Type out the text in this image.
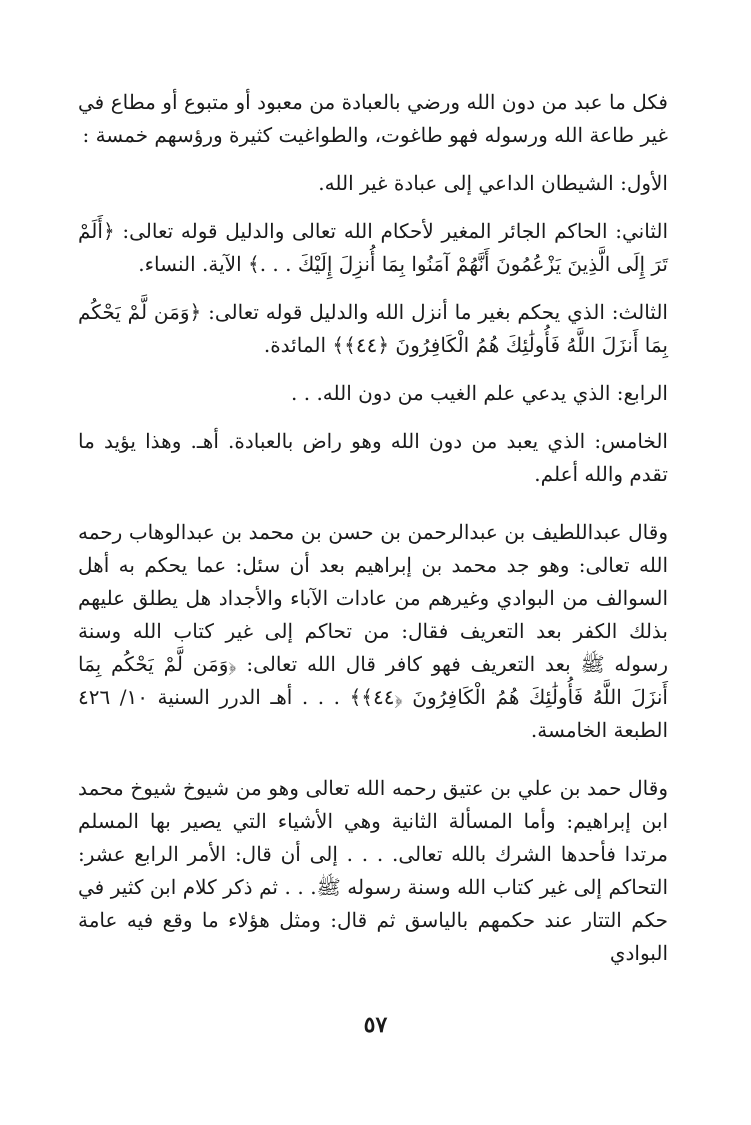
فكل ما عبد من دون الله ورضي بالعبادة من معبود أو متبوع أو مطاع في غير طاعة الله ورسوله فهو طاغوت، والطواغيت كثيرة ورؤسهم خمسة :

الأول: الشيطان الداعي إلى عبادة غير الله.

الثاني: الحاكم الجائر المغير لأحكام الله تعالى والدليل قوله تعالى: ﴿أَلَمْ تَرَ إِلَى الَّذِينَ يَزْعُمُونَ أَنَّهُمْ آمَنُوا بِمَا أُنزِلَ إِلَيْكَ . . .﴾ الآية. النساء.

الثالث: الذي يحكم بغير ما أنزل الله والدليل قوله تعالى: ﴿وَمَن لَّمْ يَحْكُم بِمَا أَنزَلَ اللَّهُ فَأُولَٰئِكَ هُمُ الْكَافِرُونَ ﴿٤٤﴾﴾ المائدة.

الرابع: الذي يدعي علم الغيب من دون الله. . .

الخامس: الذي يعبد من دون الله وهو راض بالعبادة. أهـ. وهذا يؤيد ما تقدم والله أعلم.

وقال عبداللطيف بن عبدالرحمن بن حسن بن محمد بن عبدالوهاب رحمه الله تعالى: وهو جد محمد بن إبراهيم بعد أن سئل: عما يحكم به أهل السوالف من البوادي وغيرهم من عادات الآباء والأجداد هل يطلق عليهم بذلك الكفر بعد التعريف فقال: من تحاكم إلى غير كتاب الله وسنة رسوله ﷺ بعد التعريف فهو كافر قال الله تعالى: ﴿وَمَن لَّمْ يَحْكُم بِمَا أَنزَلَ اللَّهُ فَأُولَٰئِكَ هُمُ الْكَافِرُونَ ﴿٤٤﴾﴾ . . . أهـ الدرر السنية ١٠/ ٤٢٦ الطبعة الخامسة.

وقال حمد بن علي بن عتيق رحمه الله تعالى وهو من شيوخ شيوخ محمد ابن إبراهيم: وأما المسألة الثانية وهي الأشياء التي يصير بها المسلم مرتدا فأحدها الشرك بالله تعالى. . . . إلى أن قال: الأمر الرابع عشر: التحاكم إلى غير كتاب الله وسنة رسوله ﷺ. . . ثم ذكر كلام ابن كثير في حكم التتار عند حكمهم بالياسق ثم قال: ومثل هؤلاء ما وقع فيه عامة البوادي

٥٧
